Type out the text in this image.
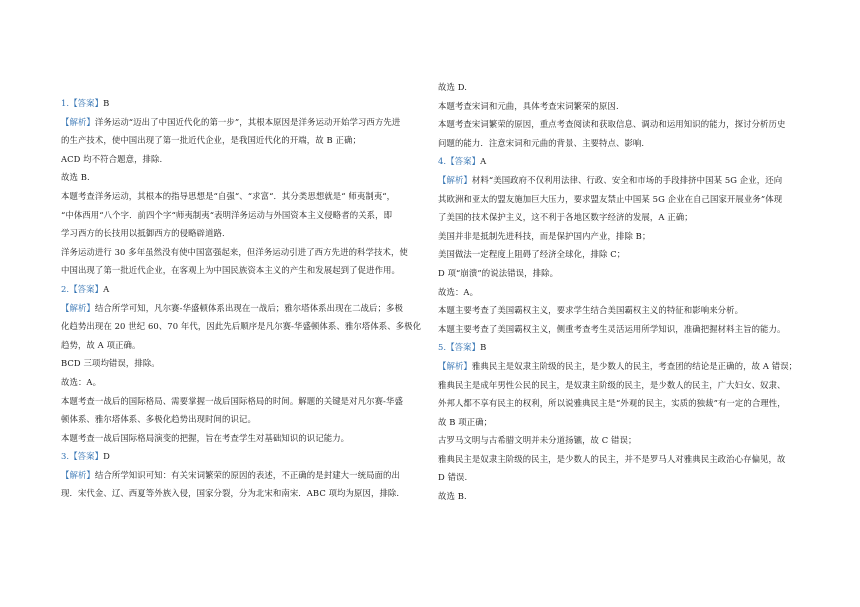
1.【答案】B
【解析】洋务运动“迈出了中国近代化的第一步”，其根本原因是洋务运动开始学习西方先进
的生产技术，使中国出现了第一批近代企业，是我国近代化的开端，故 B 正确；
ACD 均不符合题意，排除.
故选 B.
本题考查洋务运动，其根本的指导思想是“自强“、“求富“．其分类思想就是“ 师夷制夷“，
“中体西用“八个字．前四个字“师夷制夷“表明洋务运动与外国资本主义侵略者的关系，即
学习西方的长技用以抵御西方的侵略辟道路．
洋务运动进行 30 多年虽然没有使中国富强起来，但洋务运动引进了西方先进的科学技术，使
中国出现了第一批近代企业，在客观上为中国民族资本主义的产生和发展起到了促进作用。
2.【答案】A
【解析】结合所学可知，凡尔赛-华盛顿体系出现在一战后；雅尔塔体系出现在二战后；多极
化趋势出现在 20 世纪 60、70 年代，因此先后顺序是凡尔赛-华盛顿体系、雅尔塔体系、多极化
趋势，故 A 项正确。
BCD 三项均错误，排除。
故选：A。
本题考查一战后的国际格局、需要掌握一战后国际格局的时间。解题的关键是对凡尔赛-华盛
顿体系、雅尔塔体系、多极化趋势出现时间的识记。
本题考查一战后国际格局演变的把握，旨在考查学生对基础知识的识记能力。
3.【答案】D
【解析】结合所学知识可知：有关宋词繁荣的原因的表述，不正确的是封建大一统局面的出
现．宋代金、辽、西夏等外族入侵，国家分裂，分为北宋和南宋．ABC 项均为原因，排除.
故选 D.
本题考查宋词和元曲，具体考查宋词繁荣的原因.
本题考查宋词繁荣的原因，重点考查阅读和获取信息、调动和运用知识的能力，探讨分析历史
问题的能力．注意宋词和元曲的背景、主要特点、影响.
4.【答案】A
【解析】材料“美国政府不仅利用法律、行政、安全和市场的手段排挤中国某 5G 企业，还向
其欧洲和亚太的盟友施加巨大压力，要求盟友禁止中国某 5G 企业在自己国家开展业务”体现
了美国的技术保护主义，这不利于各地区数字经济的发展，A 正确；
美国并非是抵制先进科技，而是保护国内产业，排除 B；
美国做法一定程度上阻碍了经济全球化，排除 C；
D 项“崩溃”的说法错误，排除。
故选：A。
本题主要考查了美国霸权主义，要求学生结合美国霸权主义的特征和影响来分析。
本题主要考查了美国霸权主义，侧重考查考生灵活运用所学知识，准确把握材料主旨的能力。
5.【答案】B
【解析】雅典民主是奴隶主阶级的民主，是少数人的民主，考查团的结论是正确的，故 A 错误；
雅典民主是成年男性公民的民主，是奴隶主阶级的民主，是少数人的民主，广大妇女、奴隶、
外邦人都不享有民主的权利，所以说雅典民主是“外观的民主，实质的独裁”有一定的合理性，
故 B 项正确；
古罗马文明与古希腊文明并未分道扬镳，故 C 错误；
雅典民主是奴隶主阶级的民主，是少数人的民主，并不是罗马人对雅典民主政治心存偏见，故
D 错误.
故选 B.
